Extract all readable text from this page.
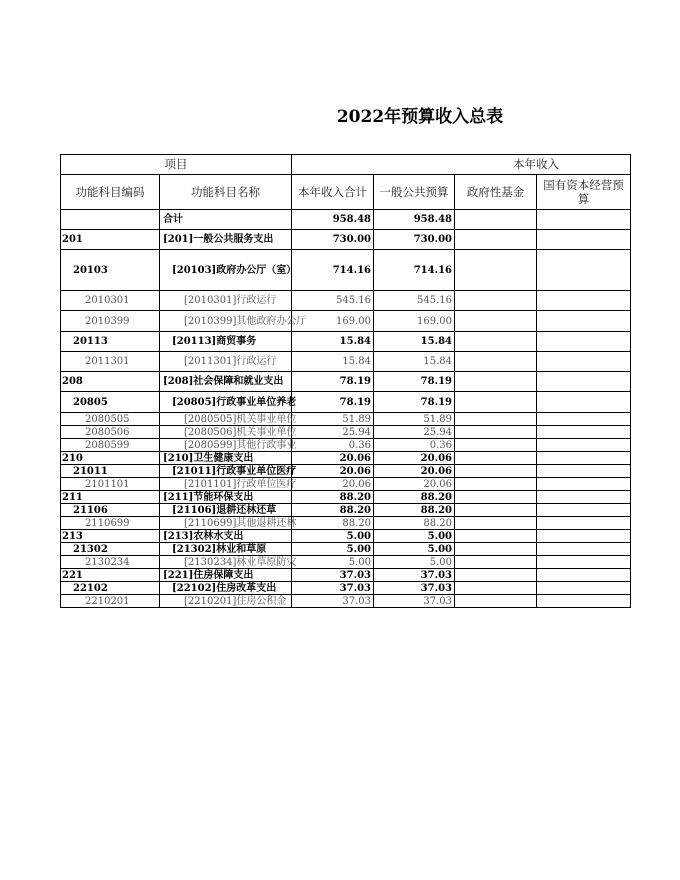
2022年预算收入总表
项目		本年收入			
功能科目编码	功能科目名称	本年收入合计	一般公共预算	政府性基金	国有资本经营预算
	合计	958.48	958.48		
201	[201]一般公共服务支出	730.00	730.00		
20103	[20103]政府办公厅（室）	714.16	714.16		
2010301	[2010301]行政运行	545.16	545.16		
2010399	[2010399]其他政府办公厅	169.00	169.00		
20113	[20113]商贸事务	15.84	15.84		
2011301	[2011301]行政运行	15.84	15.84		
208	[208]社会保障和就业支出	78.19	78.19		
20805	[20805]行政事业单位养老	78.19	78.19		
2080505	[2080505]机关事业单位	51.89	51.89		
2080506	[2080506]机关事业单位	25.94	25.94		
2080599	[2080599]其他行政事业	0.36	0.36		
210	[210]卫生健康支出	20.06	20.06		
21011	[21011]行政事业单位医疗	20.06	20.06		
2101101	[2101101]行政单位医疗	20.06	20.06		
211	[211]节能环保支出	88.20	88.20		
21106	[21106]退耕还林还草	88.20	88.20		
2110699	[2110699]其他退耕还林	88.20	88.20		
213	[213]农林水支出	5.00	5.00		
21302	[21302]林业和草原	5.00	5.00		
2130234	[2130234]林业草原防灾	5.00	5.00		
221	[221]住房保障支出	37.03	37.03		
22102	[22102]住房改革支出	37.03	37.03		
2210201	[2210201]住房公积金	37.03	37.03		
